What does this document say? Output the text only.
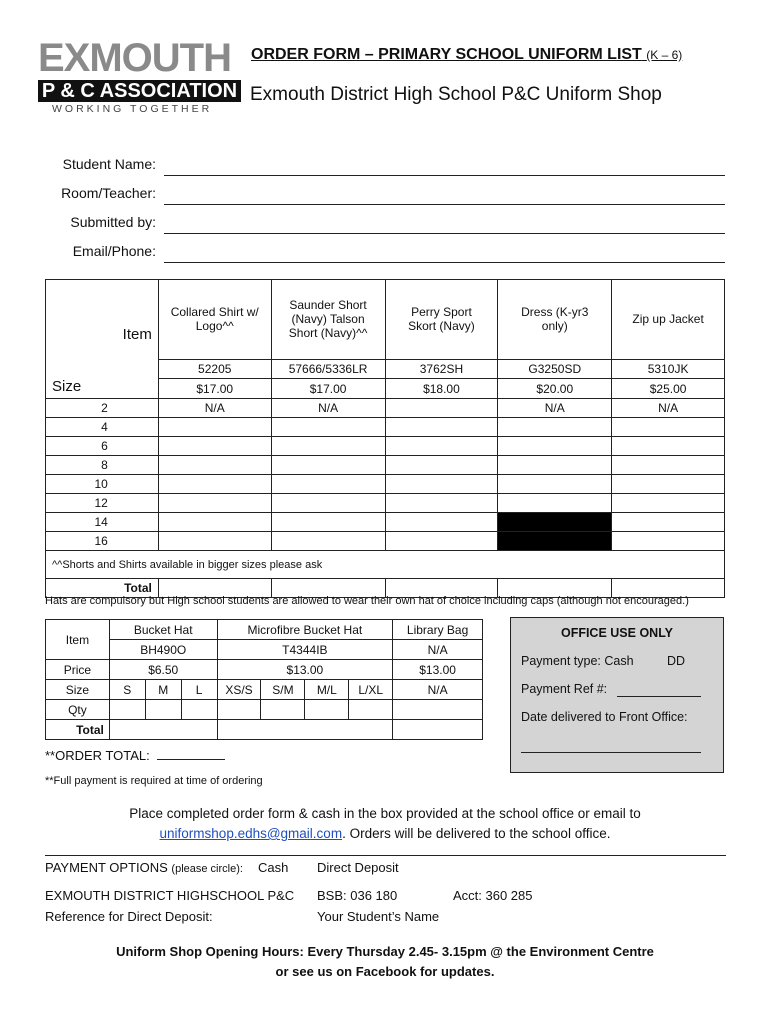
EXMOUTH
P & C ASSOCIATION
WORKING TOGETHER
ORDER FORM – PRIMARY SCHOOL UNIFORM LIST (K – 6)
Exmouth District High School P&C Uniform Shop
Student Name:
Room/Teacher:
Submitted by:
Email/Phone:
Item
Size	Collared Shirt w/ Logo^^	Saunder Short (Navy) Talson Short (Navy)^^	Perry Sport Skort (Navy)	Dress (K-yr3 only)	Zip up Jacket
	52205	57666/5336LR	3762SH	G3250SD	5310JK
	$17.00	$17.00	$18.00	$20.00	$25.00
2	N/A	N/A		N/A	N/A
4					
6					
8					
10					
12					
14					
16					
^^Shorts and Shirts available in bigger sizes please ask					
Total					
Hats are compulsory but High school students are allowed to wear their own hat of choice including caps (although not encouraged.)
Item	Bucket Hat			Microfibre Bucket Hat				Library Bag
	BH490O			T4344IB				N/A
Price	$6.50			$13.00				$13.00
Size	S	M	L	XS/S	S/M	M/L	L/XL	N/A
Qty								
Total								
OFFICE USE ONLY
Payment type: Cash	DD
Payment Ref #:
Date delivered to Front Office:
**ORDER TOTAL:
**Full payment is required at time of ordering
Place completed order form & cash in the box provided at the school office or email to
uniformshop.edhs@gmail.com. Orders will be delivered to the school office.
PAYMENT OPTIONS (please circle): Cash Direct Deposit
EXMOUTH DISTRICT HIGHSCHOOL P&C BSB: 036 180	Acct: 360 285
Reference for Direct Deposit:	Your Student’s Name
Uniform Shop Opening Hours: Every Thursday 2.45- 3.15pm @ the Environment Centre
or see us on Facebook for updates.
